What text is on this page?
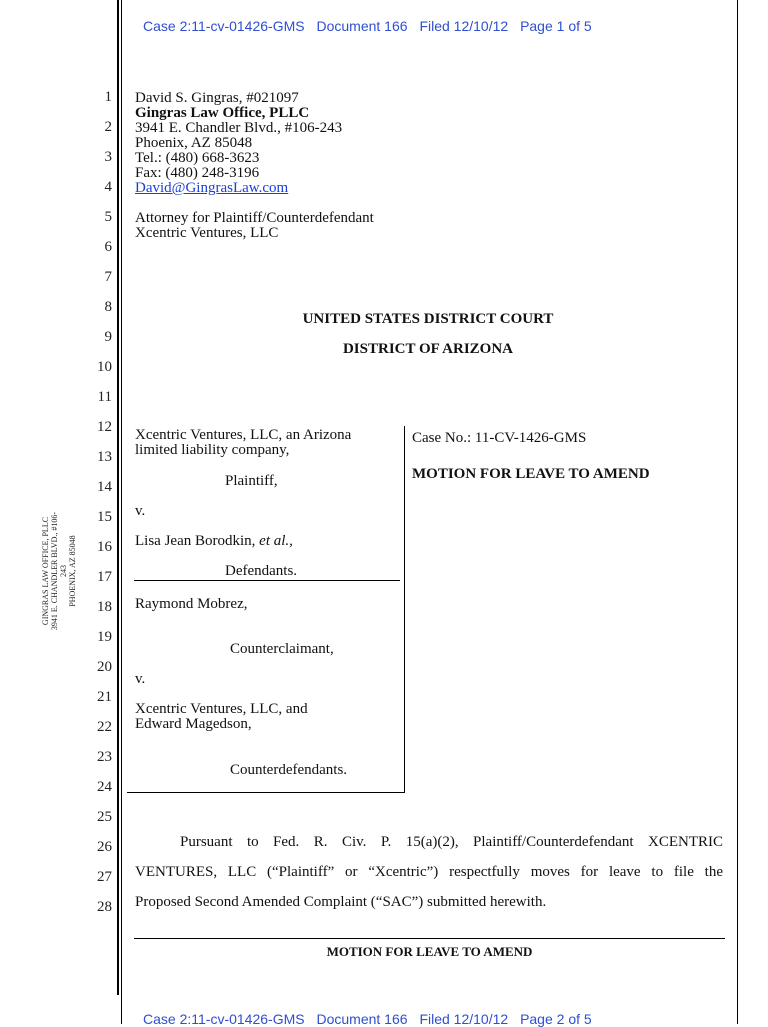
Case 2:11-cv-01426-GMS Document 166 Filed 12/10/12 Page 1 of 5
GINGRAS LAW OFFICE, PLLC 3941 E. CHANDLER BLVD., #106-243 PHOENIX, AZ 85048
1
2
3
4
5
6
7
8
9
10
11
12
13
14
15
16
17
18
19
20
21
22
23
24
25
26
27
28
David S. Gingras, #021097
Gingras Law Office, PLLC
3941 E. Chandler Blvd., #106-243
Phoenix, AZ 85048
Tel.: (480) 668-3623
Fax: (480) 248-3196
David@GingrasLaw.com
Attorney for Plaintiff/Counterdefendant
Xcentric Ventures, LLC
UNITED STATES DISTRICT COURT
DISTRICT OF ARIZONA
Xcentric Ventures, LLC, an Arizona
limited liability company,
Plaintiff,
v.
Lisa Jean Borodkin, et al.,
Defendants.
Raymond Mobrez,
Counterclaimant,
v.
Xcentric Ventures, LLC, and
Edward Magedson,
Counterdefendants.
Case No.: 11-CV-1426-GMS
MOTION FOR LEAVE TO AMEND
Pursuant to Fed. R. Civ. P. 15(a)(2), Plaintiff/Counterdefendant XCENTRIC
VENTURES, LLC (“Plaintiff” or “Xcentric”) respectfully moves for leave to file the
Proposed Second Amended Complaint (“SAC”) submitted herewith.
MOTION FOR LEAVE TO AMEND
Case 2:11-cv-01426-GMS Document 166 Filed 12/10/12 Page 2 of 5
